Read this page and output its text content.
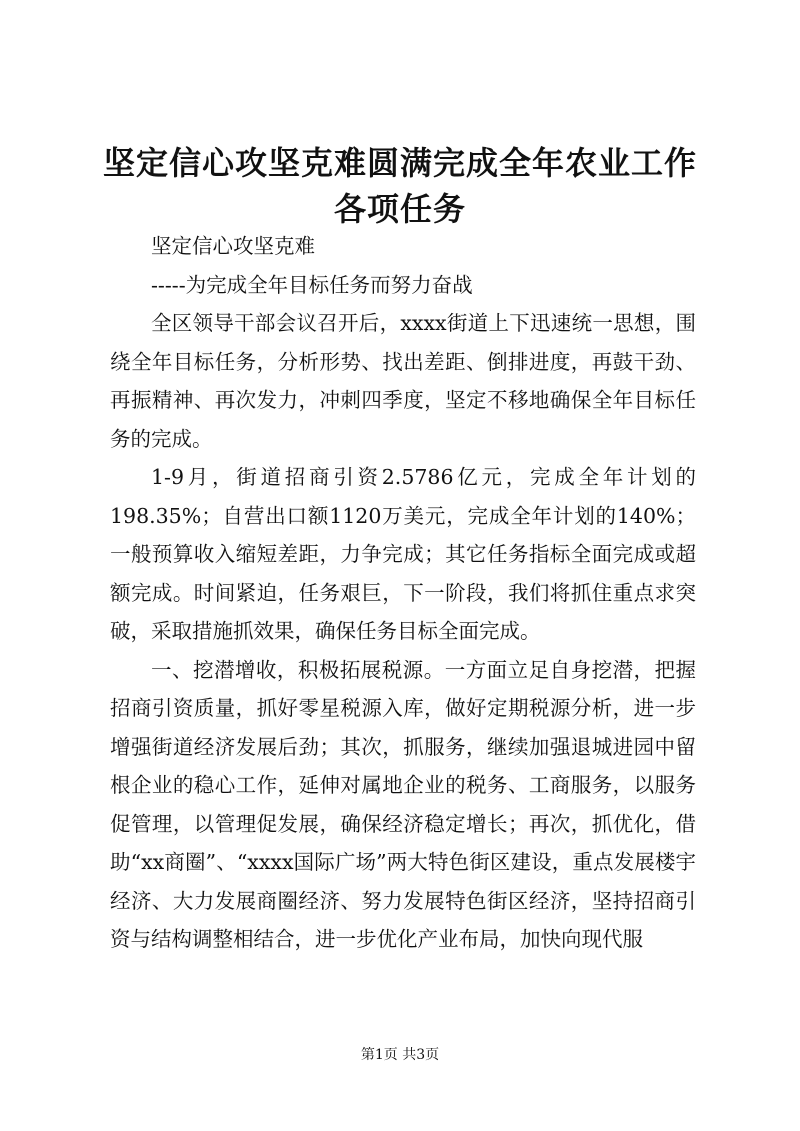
坚定信心攻坚克难圆满完成全年农业工作各项任务

坚定信心攻坚克难

-----为完成全年目标任务而努力奋战

全区领导干部会议召开后，xxxx街道上下迅速统一思想，围绕全年目标任务，分析形势、找出差距、倒排进度，再鼓干劲、再振精神、再次发力，冲刺四季度，坚定不移地确保全年目标任务的完成。

1-9月，街道招商引资2.5786亿元，完成全年计划的198.35%；自营出口额1120万美元，完成全年计划的140%；一般预算收入缩短差距，力争完成；其它任务指标全面完成或超额完成。时间紧迫，任务艰巨，下一阶段，我们将抓住重点求突破，采取措施抓效果，确保任务目标全面完成。

一、挖潜增收，积极拓展税源。一方面立足自身挖潜，把握招商引资质量，抓好零星税源入库，做好定期税源分析，进一步增强街道经济发展后劲；其次，抓服务，继续加强退城进园中留根企业的稳心工作，延伸对属地企业的税务、工商服务，以服务促管理，以管理促发展，确保经济稳定增长；再次，抓优化，借助“xx商圈”、“xxxx国际广场”两大特色街区建设，重点发展楼宇经济、大力发展商圈经济、努力发展特色街区经济，坚持招商引资与结构调整相结合，进一步优化产业布局，加快向现代服

第1页 共3页
